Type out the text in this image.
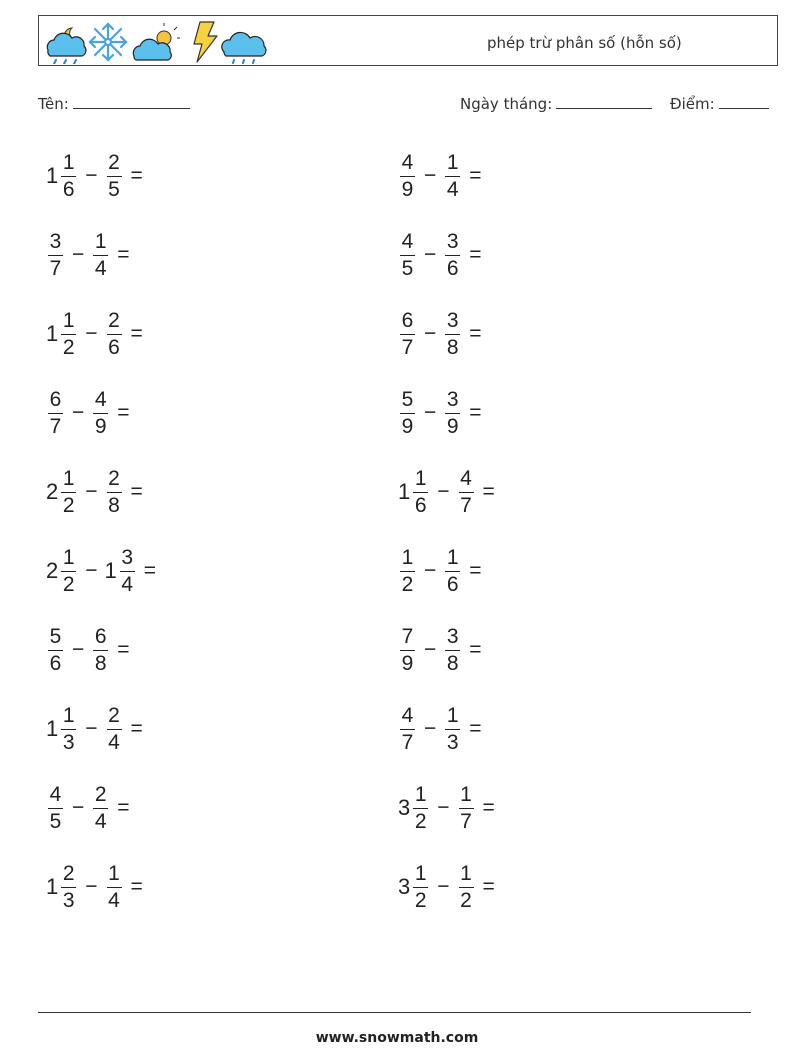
phép trừ phân số (hỗn số)
Tên:	Ngày tháng:	Điểm:
$1 \frac{1}{6} - \frac{2}{5}$ =
$\frac{3}{7} - \frac{1}{4}$ =
$1 \frac{1}{2} - \frac{2}{6}$ =
$\frac{6}{7} - \frac{4}{9}$ =
$2 \frac{1}{2} - \frac{2}{8}$ =
$2 \frac{1}{2} - 1 \frac{3}{4}$ =
$\frac{5}{6} - \frac{6}{8}$ =
$1 \frac{1}{3} - \frac{2}{4}$ =
$\frac{4}{5} - \frac{2}{4}$ =
$1 \frac{2}{3} - \frac{1}{4}$ =
$\frac{4}{9} - \frac{1}{4}$ =
$\frac{4}{5} - \frac{3}{6}$ =
$\frac{6}{7} - \frac{3}{8}$ =
$\frac{5}{9} - \frac{3}{9}$ =
$1 \frac{1}{6} - \frac{4}{7}$ =
$\frac{1}{2} - \frac{1}{6}$ =
$\frac{7}{9} - \frac{3}{8}$ =
$\frac{4}{7} - \frac{1}{3}$ =
$3 \frac{1}{2} - \frac{1}{7}$ =
$3 \frac{1}{2} - \frac{1}{2}$ =
www.snowmath.com
